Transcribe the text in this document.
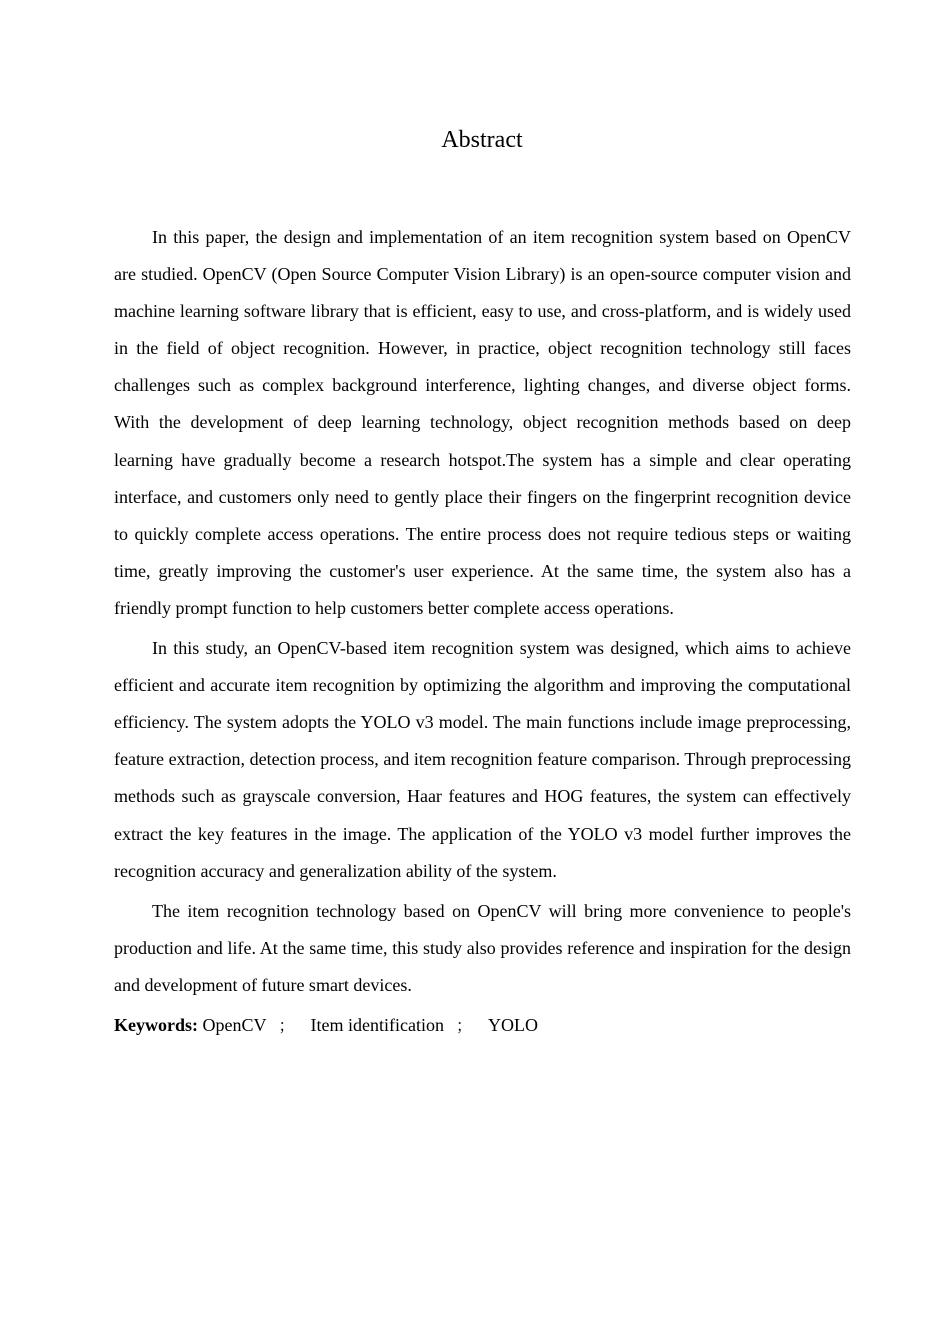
Abstract

In this paper, the design and implementation of an item recognition system based on OpenCV are studied. OpenCV (Open Source Computer Vision Library) is an open-source computer vision and machine learning software library that is efficient, easy to use, and cross-platform, and is widely used in the field of object recognition. However, in practice, object recognition technology still faces challenges such as complex background interference, lighting changes, and diverse object forms. With the development of deep learning technology, object recognition methods based on deep learning have gradually become a research hotspot.The system has a simple and clear operating interface, and customers only need to gently place their fingers on the fingerprint recognition device to quickly complete access operations. The entire process does not require tedious steps or waiting time, greatly improving the customer's user experience. At the same time, the system also has a friendly prompt function to help customers better complete access operations.

In this study, an OpenCV-based item recognition system was designed, which aims to achieve efficient and accurate item recognition by optimizing the algorithm and improving the computational efficiency. The system adopts the YOLO v3 model. The main functions include image preprocessing, feature extraction, detection process, and item recognition feature comparison. Through preprocessing methods such as grayscale conversion, Haar features and HOG features, the system can effectively extract the key features in the image. The application of the YOLO v3 model further improves the recognition accuracy and generalization ability of the system.

The item recognition technology based on OpenCV will bring more convenience to people's production and life. At the same time, this study also provides reference and inspiration for the design and development of future smart devices.

Keywords: OpenCV ； Item identification ； YOLO
